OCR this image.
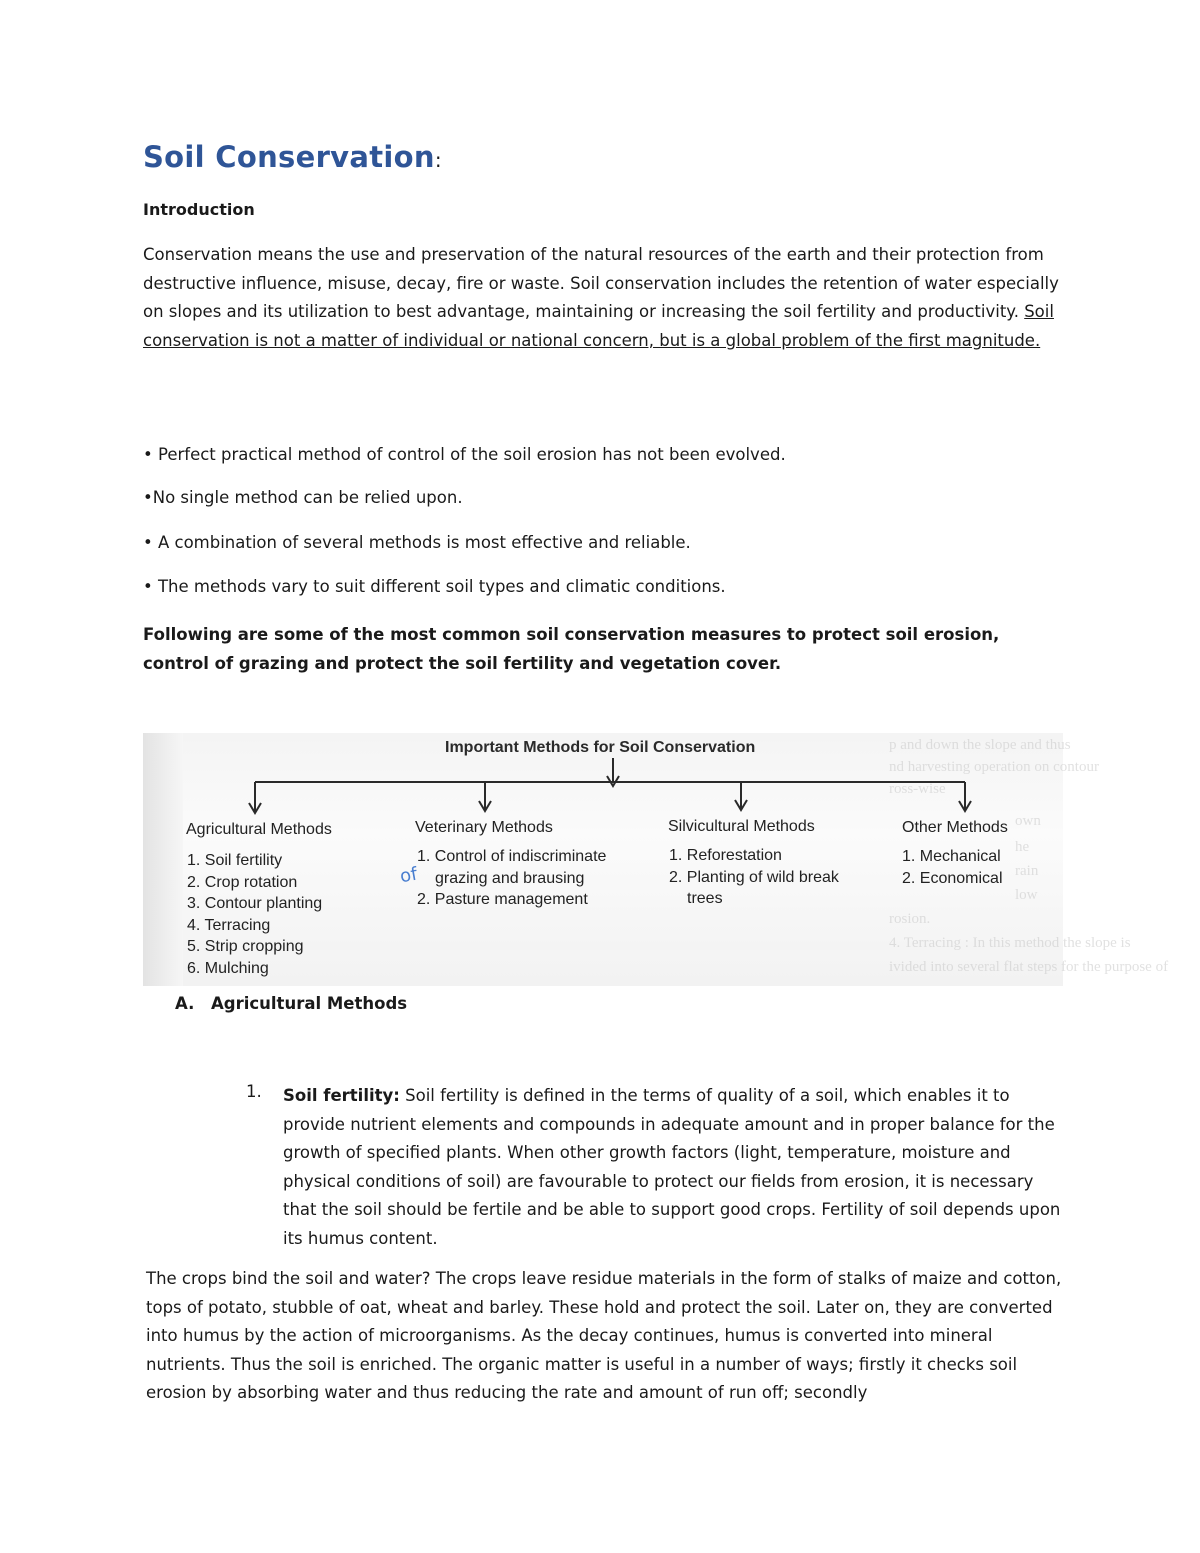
Soil Conservation:
Introduction

Conservation means the use and preservation of the natural resources of the earth and their protection from destructive influence, misuse, decay, fire or waste. Soil conservation includes the retention of water especially on slopes and its utilization to best advantage, maintaining or increasing the soil fertility and productivity. Soil conservation is not a matter of individual or national concern, but is a global problem of the first magnitude.

• Perfect practical method of control of the soil erosion has not been evolved.

•No single method can be relied upon.

• A combination of several methods is most effective and reliable.

• The methods vary to suit different soil types and climatic conditions.

Following are some of the most common soil conservation measures to protect soil erosion, control of grazing and protect the soil fertility and vegetation cover.

p and down the slope and thus
nd harvesting operation on contour
ross-wise
own
he
rain
low
rosion.
4. Terracing : In this method the slope is
ivided into several flat steps for the purpose of
Important Methods for Soil Conservation
Agricultural Methods
1. Soil fertility
2. Crop rotation
3. Contour planting
4. Terracing
5. Strip cropping
6. Mulching
Veterinary Methods
1. Control of indiscriminate
grazing and brausing
2. Pasture management
of
Silvicultural Methods
1. Reforestation
2. Planting of wild break
trees
Other Methods
1. Mechanical
2. Economical

A. Agricultural Methods

1. Soil fertility: Soil fertility is defined in the terms of quality of a soil, which enables it to provide nutrient elements and compounds in adequate amount and in proper balance for the growth of specified plants. When other growth factors (light, temperature, moisture and physical conditions of soil) are favourable to protect our fields from erosion, it is necessary that the soil should be fertile and be able to support good crops. Fertility of soil depends upon its humus content.

The crops bind the soil and water? The crops leave residue materials in the form of stalks of maize and cotton, tops of potato, stubble of oat, wheat and barley. These hold and protect the soil. Later on, they are converted into humus by the action of microorganisms. As the decay continues, humus is converted into mineral nutrients. Thus the soil is enriched. The organic matter is useful in a number of ways; firstly it checks soil erosion by absorbing water and thus reducing the rate and amount of run off; secondly
